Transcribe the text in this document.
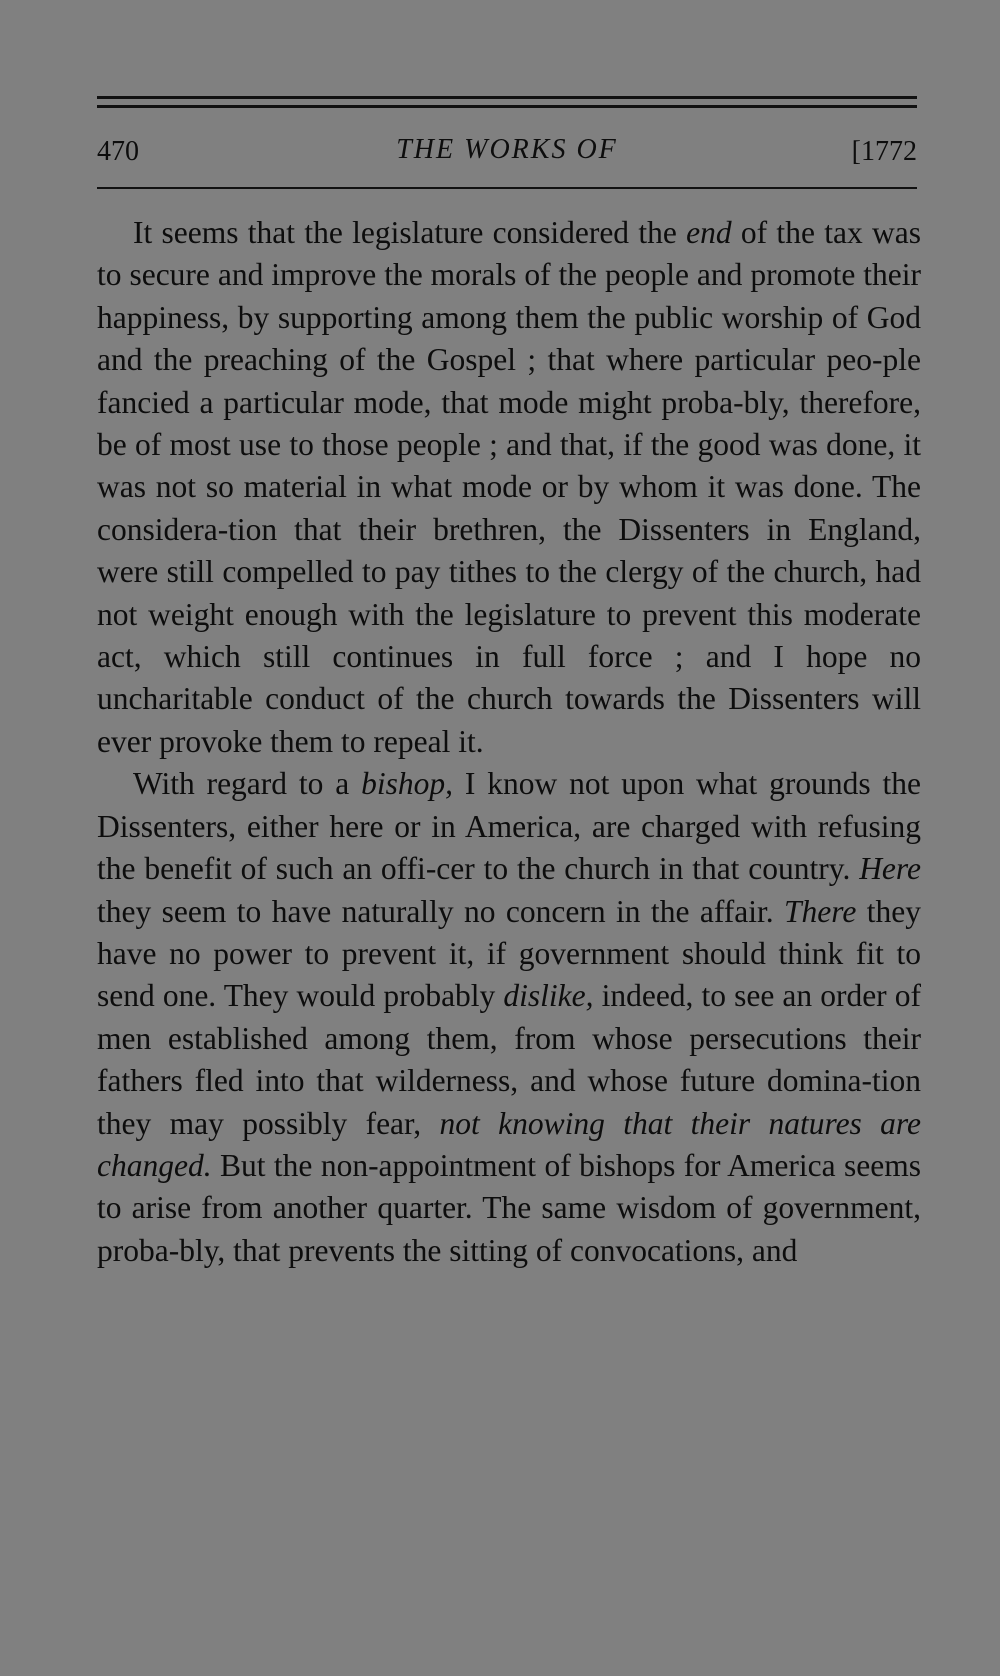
470	THE WORKS OF	[1772

It seems that the legislature considered the end of the tax was to secure and improve the morals of the people and promote their happiness, by supporting among them the public worship of God and the preaching of the Gospel ; that where particular peo-ple fancied a particular mode, that mode might proba-bly, therefore, be of most use to those people ; and that, if the good was done, it was not so material in what mode or by whom it was done. The considera-tion that their brethren, the Dissenters in England, were still compelled to pay tithes to the clergy of the church, had not weight enough with the legislature to prevent this moderate act, which still continues in full force ; and I hope no uncharitable conduct of the church towards the Dissenters will ever provoke them to repeal it.

With regard to a bishop, I know not upon what grounds the Dissenters, either here or in America, are charged with refusing the benefit of such an offi-cer to the church in that country. Here they seem to have naturally no concern in the affair. There they have no power to prevent it, if government should think fit to send one. They would probably dislike, indeed, to see an order of men established among them, from whose persecutions their fathers fled into that wilderness, and whose future domina-tion they may possibly fear, not knowing that their natures are changed. But the non-appointment of bishops for America seems to arise from another quarter. The same wisdom of government, proba-bly, that prevents the sitting of convocations, and
